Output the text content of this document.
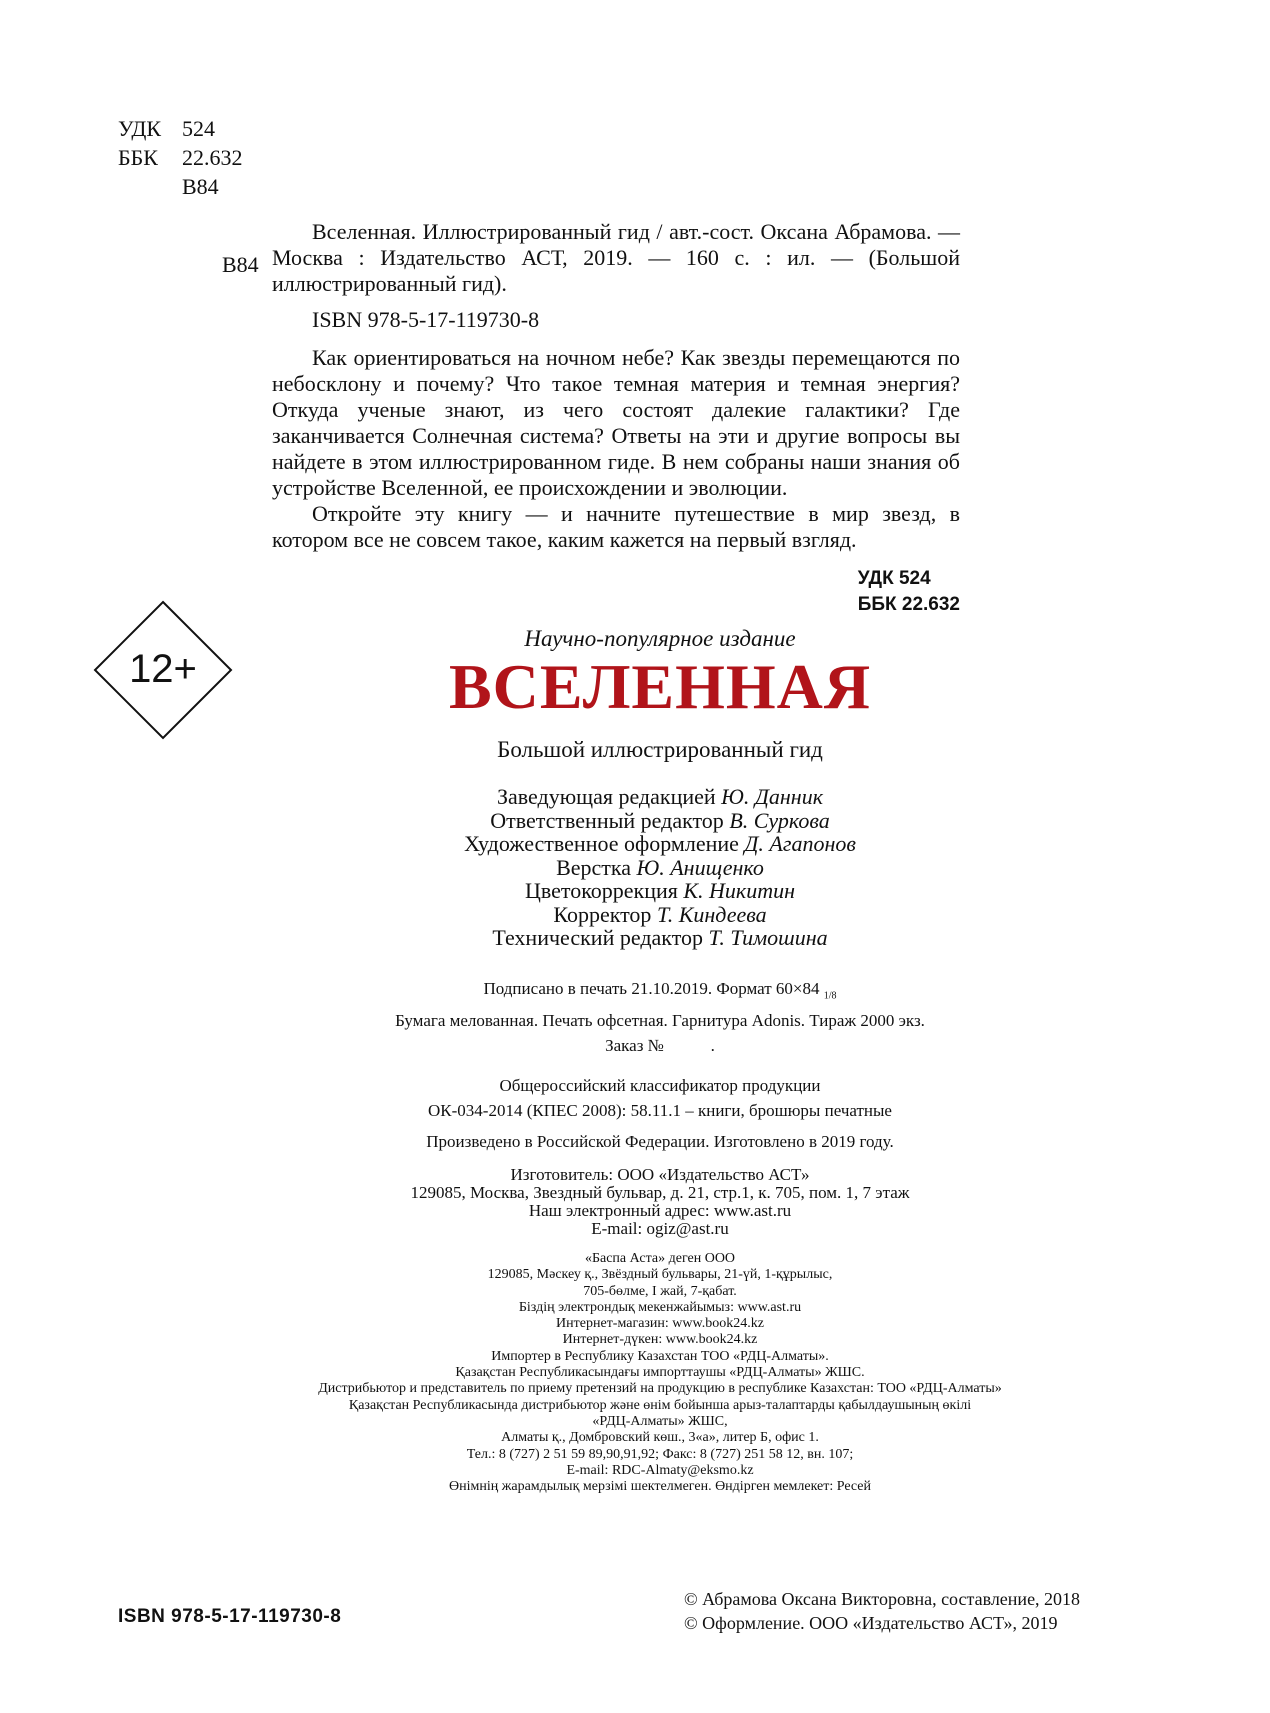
УДК 524
ББК 22.632
В84
В84

Вселенная. Иллюстрированный гид / авт.-сост. Оксана Абрамова. — Москва : Издательство АСТ, 2019. — 160 с. : ил. — (Большой иллюстрированный гид).

ISBN 978-5-17-119730-8

Как ориентироваться на ночном небе? Как звезды перемещаются по небосклону и почему? Что такое темная материя и темная энергия? Откуда ученые знают, из чего состоят далекие галактики? Где заканчивается Солнечная система? Ответы на эти и другие вопросы вы найдете в этом иллюстрированном гиде. В нем собраны наши знания об устройстве Вселенной, ее происхождении и эволюции.

Откройте эту книгу — и начните путешествие в мир звезд, в котором все не совсем такое, каким кажется на первый взгляд.

УДК 524
ББК 22.632
12+
Научно-популярное издание
ВСЕЛЕННАЯ
Большой иллюстрированный гид
Заведующая редакцией Ю. Данник
Ответственный редактор В. Суркова
Художественное оформление Д. Агапонов
Верстка Ю. Анищенко
Цветокоррекция К. Никитин
Корректор Т. Киндеева
Технический редактор Т. Тимошина
Подписано в печать 21.10.2019. Формат 60×84 $_{1/8}$
Бумага мелованная. Печать офсетная. Гарнитура Adonis. Тираж 2000 экз.
Заказ №           .
Общероссийский классификатор продукции
ОК-034-2014 (КПЕС 2008): 58.11.1 – книги, брошюры печатные
Произведено в Российской Федерации. Изготовлено в 2019 году.
Изготовитель: ООО «Издательство АСТ»
129085, Москва, Звездный бульвар, д. 21, стр.1, к. 705, пом. 1, 7 этаж
Наш электронный адрес: www.ast.ru
E-mail: ogiz@ast.ru
«Баспа Аста» деген ООО
129085, Мәскеу қ., Звёздный бульвары, 21-үй, 1-құрылыс,
705-бөлме, I жай, 7-қабат.
Біздің электрондық мекенжайымыз: www.ast.ru
Интернет-магазин: www.book24.kz
Интернет-дүкен: www.book24.kz
Импортер в Республику Казахстан ТОО «РДЦ-Алматы».
Қазақстан Республикасындағы импорттаушы «РДЦ-Алматы» ЖШС.
Дистрибьютор и представитель по приему претензий на продукцию в республике Казахстан: ТОО «РДЦ-Алматы»
Қазақстан Республикасында дистрибьютор және өнім бойынша арыз-талаптарды қабылдаушының өкілі
«РДЦ-Алматы» ЖШС,
Алматы қ., Домбровский көш., 3«а», литер Б, офис 1.
Тел.: 8 (727) 2 51 59 89,90,91,92; Факс: 8 (727) 251 58 12, вн. 107;
E-mail: RDC-Almaty@eksmo.kz
Өнімнің жарамдылық мерзімі шектелмеген. Өндірген мемлекет: Ресей
ISBN 978-5-17-119730-8
© Абрамова Оксана Викторовна, составление, 2018
© Оформление. ООО «Издательство АСТ», 2019
